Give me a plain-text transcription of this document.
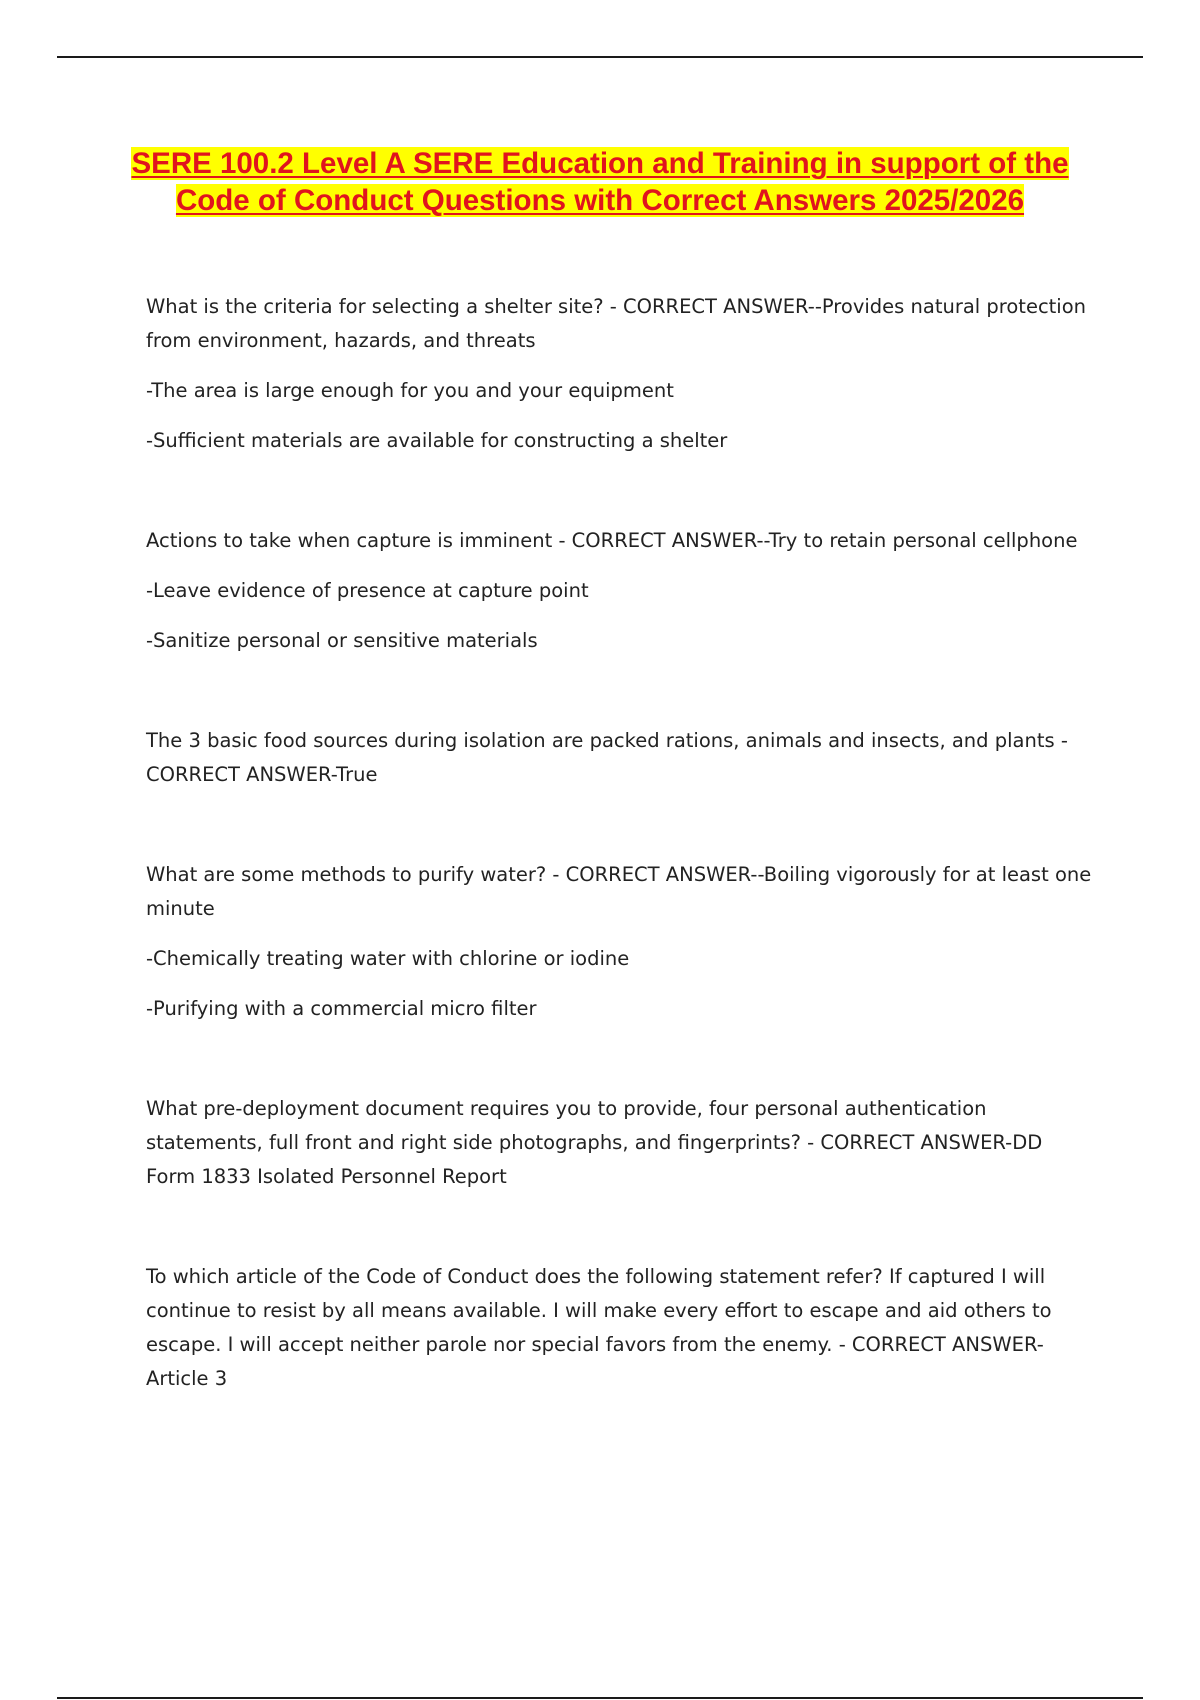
SERE 100.2 Level A SERE Education and Training in support of the Code of Conduct Questions with Correct Answers 2025/2026

What is the criteria for selecting a shelter site? - CORRECT ANSWER--Provides natural protection from environment, hazards, and threats

-The area is large enough for you and your equipment

-Sufficient materials are available for constructing a shelter

Actions to take when capture is imminent - CORRECT ANSWER--Try to retain personal cellphone

-Leave evidence of presence at capture point

-Sanitize personal or sensitive materials

The 3 basic food sources during isolation are packed rations, animals and insects, and plants - CORRECT ANSWER-True

What are some methods to purify water? - CORRECT ANSWER--Boiling vigorously for at least one minute

-Chemically treating water with chlorine or iodine

-Purifying with a commercial micro filter

What pre-deployment document requires you to provide, four personal authentication statements, full front and right side photographs, and fingerprints? - CORRECT ANSWER-DD Form 1833 Isolated Personnel Report

To which article of the Code of Conduct does the following statement refer? If captured I will continue to resist by all means available. I will make every effort to escape and aid others to escape. I will accept neither parole nor special favors from the enemy. - CORRECT ANSWER-Article 3
